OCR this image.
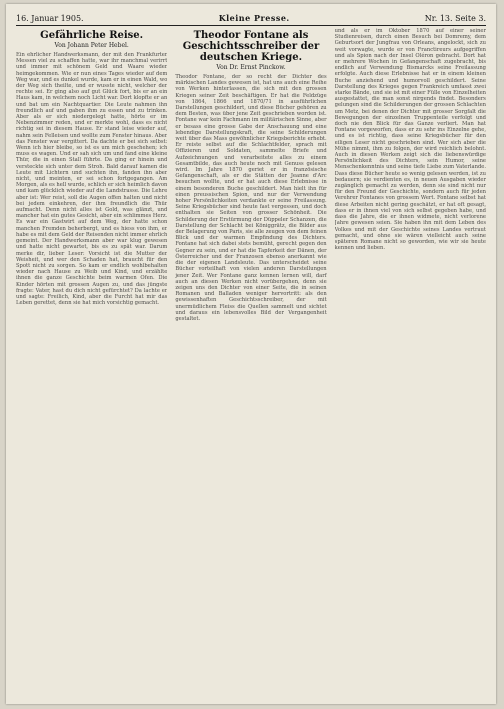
16. Januar 1905.	Kleine Presse.	Nr. 13. Seite 3.
Gefährliche Reise.
Von Johann Peter Hebel.
Ein ehrlicher Handwerksmann, der mit den Frankfurter Messen viel zu schaffen hatte, war ihr manchmal verirrt und immer mit schönem Geld und Waare wieder heimgekommen. Wie er nun eines Tages wieder auf dem Weg war, und es dunkel wurde, kam er in einen Wald, wo der Weg sich theilte, und er wusste nicht, welcher der rechte sei. Er ging also auf gut Glück fort, bis er an ein Haus kam, in welchem noch Licht war. Dort klopfte er an und bat um ein Nachtquartier. Die Leute nahmen ihn freundlich auf und gaben ihm zu essen und zu trinken. Aber als er sich niedergelegt hatte, hörte er im Nebenzimmer reden, und er merkte wohl, dass es nicht richtig sei in diesem Hause. Er stand leise wieder auf, nahm sein Felleisen und wollte zum Fenster hinaus. Aber das Fenster war vergittert. Da dachte er bei sich selbst: Wenn ich hier bleibe, so ist es um mich geschehen; ich muss es wagen. Und er sah sich um und fand eine kleine Thür, die in einen Stall führte. Da ging er hinein und versteckte sich unter dem Stroh. Bald darauf kamen die Leute mit Lichtern und suchten ihn, fanden ihn aber nicht, und meinten, er sei schon fortgegangen. Am Morgen, als es hell wurde, schlich er sich heimlich davon und kam glücklich wieder auf die Landstrasse. Die Lehre aber ist: Wer reist, soll die Augen offen halten und nicht bei jedem einkehren, der ihm freundlich die Thür aufmacht. Denn nicht alles ist Gold, was glänzt, und mancher hat ein gutes Gesicht, aber ein schlimmes Herz. Es war ein Gastwirt auf dem Weg, der hatte schon manchen Fremden beherbergt, und es hiess von ihm, er habe es mit dem Geld der Reisenden nicht immer ehrlich gemeint. Der Handwerksmann aber war klug gewesen und hatte nicht gewartet, bis es zu spät war. Darum merke dir, lieber Leser: Vorsicht ist die Mutter der Weisheit, und wer den Schaden hat, braucht für den Spott nicht zu sorgen. So kam er endlich wohlbehalten wieder nach Hause zu Weib und Kind, und erzählte ihnen die ganze Geschichte beim warmen Ofen. Die Kinder hörten mit grossen Augen zu, und das jüngste fragte: Vater, hast du dich nicht gefürchtet? Da lachte er und sagte: Freilich, Kind, aber die Furcht hat mir das Leben gerettet, denn sie hat mich vorsichtig gemacht.
Theodor Fontane als Geschichtsschreiber der deutschen Kriege.
Von Dr. Ernst Pinckow.
Theodor Fontane, der so recht der Dichter des märkischen Landes gewesen ist, hat uns auch eine Reihe von Werken hinterlassen, die sich mit den grossen Kriegen seiner Zeit beschäftigen. Er hat die Feldzüge von 1864, 1866 und 1870/71 in ausführlichen Darstellungen geschildert, und diese Bücher gehören zu dem Besten, was über jene Zeit geschrieben worden ist. Fontane war kein Fachmann im militärischen Sinne, aber er besass eine grosse Gabe der Anschauung und eine lebendige Darstellungskraft, die seine Schilderungen weit über das Mass gewöhnlicher Kriegsberichte erhebt. Er reiste selbst auf die Schlachtfelder, sprach mit Offizieren und Soldaten, sammelte Briefe und Aufzeichnungen und verarbeitete alles zu einem Gesamtbilde, das auch heute noch mit Genuss gelesen wird. Im Jahre 1870 geriet er in französische Gefangenschaft, als er die Stätten der Jeanne d'Arc besuchen wollte, und er hat auch diese Erlebnisse in einem besonderen Buche geschildert. Man hielt ihn für einen preussischen Spion, und nur der Verwendung hoher Persönlichkeiten verdankte er seine Freilassung. Seine Kriegsbücher sind heute fast vergessen, und doch enthalten sie Seiten von grosser Schönheit. Die Schilderung der Erstürmung der Düppeler Schanzen, die Darstellung der Schlacht bei Königgrätz, die Bilder aus der Belagerung von Paris, sie alle zeugen von dem feinen Blick und der warmen Empfindung des Dichters. Fontane hat sich dabei stets bemüht, gerecht gegen den Gegner zu sein, und er hat die Tapferkeit der Dänen, der Österreicher und der Franzosen ebenso anerkannt wie die der eigenen Landsleute. Das unterscheidet seine Bücher vorteilhaft von vielen anderen Darstellungen jener Zeit. Wer Fontane ganz kennen lernen will, darf auch an diesen Werken nicht vorübergehen, denn sie zeigen uns den Dichter von einer Seite, die in seinen Romanen und Balladen weniger hervortritt: als den gewissenhaften Geschichtsschreiber, der mit unermüdlichem Fleiss die Quellen sammelt und sichtet und daraus ein lebensvolles Bild der Vergangenheit gestaltet.
und als er im Oktober 1870 auf einer seiner Studienreisen, durch einen Besuch bei Domremy, dem Geburtsort der Jungfrau von Orleans, angelockt, sich zu weit vorwagte, wurde er von Franctireurs aufgegriffen und als Spion nach der Insel Oléron gebracht. Dort hat er mehrere Wochen in Gefangenschaft zugebracht, bis endlich auf Verwendung Bismarcks seine Freilassung erfolgte. Auch diese Erlebnisse hat er in einem kleinen Buche anziehend und humorvoll geschildert. Seine Darstellung des Krieges gegen Frankreich umfasst zwei starke Bände, und sie ist mit einer Fülle von Einzelheiten ausgestattet, die man sonst nirgends findet. Besonders gelungen sind die Schilderungen der grossen Schlachten um Metz, bei denen der Dichter mit grosser Sorgfalt die Bewegungen der einzelnen Truppenteile verfolgt und doch nie den Blick für das Ganze verliert. Man hat Fontane vorgeworfen, dass er zu sehr ins Einzelne gehe, und es ist richtig, dass seine Kriegsbücher für den eiligen Leser nicht geschrieben sind. Wer sich aber die Mühe nimmt, ihm zu folgen, der wird reichlich belohnt. Auch in diesen Werken zeigt sich die liebenswürdige Persönlichkeit des Dichters, sein Humor, seine Menschenkenntnis und seine tiefe Liebe zum Vaterlande. Dass diese Bücher heute so wenig gelesen werden, ist zu bedauern; sie verdienten es, in neuen Ausgaben wieder zugänglich gemacht zu werden, denn sie sind nicht nur für den Freund der Geschichte, sondern auch für jeden Verehrer Fontanes von grossem Wert. Fontane selbst hat diese Arbeiten nicht gering geschätzt, er hat oft gesagt, dass er in ihnen viel von sich selbst gegeben habe, und dass die Jahre, die er ihnen widmete, nicht verlorene Jahre gewesen seien. Sie haben ihn mit dem Leben des Volkes und mit der Geschichte seines Landes vertraut gemacht, und ohne sie wären vielleicht auch seine späteren Romane nicht so geworden, wie wir sie heute kennen und lieben.
